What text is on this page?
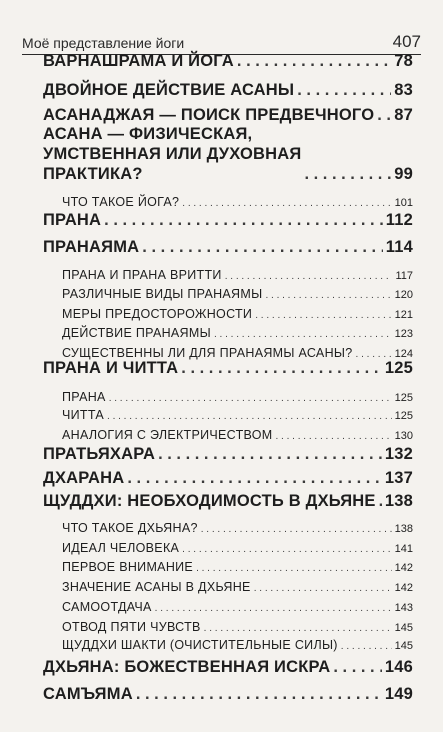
Моё представление йоги	407
ВАРНАШРАМА И ЙОГА . . .	78
ДВОЙНОЕ ДЕЙСТВИЕ АСАНЫ . . .	83
АСАНАДЖАЯ — ПОИСК ПРЕДВЕЧНОГО . . . 87
АСАНА — ФИЗИЧЕСКАЯ,
УМСТВЕННАЯ ИЛИ ДУХОВНАЯ
ПРАКТИКА? . . .	99
ЧТО ТАКОЕ ЙОГА? . . .	101
ПРАНА . . .	112
ПРАНАЯМА . . .	114
ПРАНА И ПРАНА ВРИТТИ . . .	117
РАЗЛИЧНЫЕ ВИДЫ ПРАНАЯМЫ . . .	120
МЕРЫ ПРЕДОСТОРОЖНОСТИ . . .	121
ДЕЙСТВИЕ ПРАНАЯМЫ . . .	123
СУЩЕСТВЕННЫ ЛИ ДЛЯ ПРАНАЯМЫ АСАНЫ? . . .	124
ПРАНА И ЧИТТА . . .	125
ПРАНА . . .	125
ЧИТТА . . .	125
АНАЛОГИЯ С ЭЛЕКТРИЧЕСТВОМ . . .	130
ПРАТЬЯХАРА . . .	132
ДХАРАНА . . .	137
ЩУДДХИ: НЕОБХОДИМОСТЬ В ДХЬЯНЕ . . . 138
ЧТО ТАКОЕ ДХЬЯНА? . . .	138
ИДЕАЛ ЧЕЛОВЕКА . . .	141
ПЕРВОЕ ВНИМАНИЕ . . .	142
ЗНАЧЕНИЕ АСАНЫ В ДХЬЯНЕ . . .	142
САМООТДАЧА . . .	143
ОТВОД ПЯТИ ЧУВСТВ . . .	145
ЩУДДХИ ШАКТИ (ОЧИСТИТЕЛЬНЫЕ СИЛЫ) . . .	145
ДХЬЯНА: БОЖЕСТВЕННАЯ ИСКРА . . .	146
САМЪЯМА . . .	149
